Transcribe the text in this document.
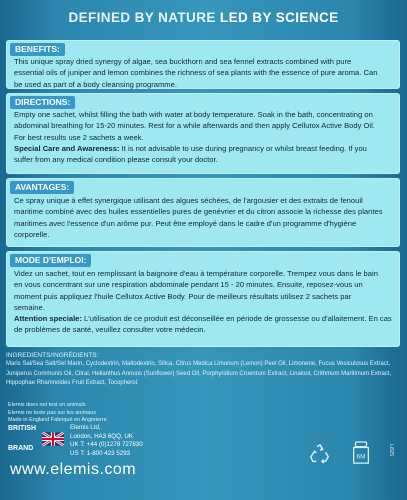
DEFINED BY NATURE LED BY SCIENCE
BENEFITS:
This unique spray dried synergy of algae, sea buckthorn and sea fennel extracts combined with pure
essential oils of juniper and lemon combines the richness of sea plants with the essence of pure aroma. Can
be used as part of a body cleansing programme.
DIRECTIONS:
Empty one sachet, whilst filling the bath with water at body temperature. Soak in the bath, concentrating on
abdominal breathing for 15-20 minutes. Rest for a while afterwards and then apply Cellutox Active Body Oil.
For best results use 2 sachets a week.
Special Care and Awareness: It is not advisable to use during pregnancy or whilst breast feeding. If you
suffer from any medical condition please consult your doctor.
AVANTAGES:
Ce spray unique à effet synergique utilisant des algues séchées, de l'argousier et des extraits de fenouil
maritime combiné avec des huiles essentielles pures de genévrier et du citron associe la richesse des plantes
maritimes avec l'essence d'un arôme pur. Peut être employé dans le cadre d'un programme d'hygiène
corporelle.
MODE D'EMPLOI:
Videz un sachet, tout en remplissant la baignoire d'eau à température corporelle. Trempez vous dans le bain
en vous concentrant sur une respiration abdominale pendant 15 - 20 minutes. Ensuite, reposez-vous un
moment puis appliquez l'huile Cellutox Active Body. Pour de meilleurs résultats utilisez 2 sachets par
semaine.
Attention speciale: L'utilisation de ce produit est déconseillée en période de grossesse ou d'allaitement. En cas
de problèmes de santé, veuillez consulter votre médecin.
INGREDIENTS/INGRÉDIENTS:
Maris Sal/Sea Salt/Sel Marin, Cyclodextrin, Maltodextrin, Silica, Citrus Medica Limonum (Lemon) Peel Oil, Limonene, Fucus Vesiculosus Extract,
Juniperus Communis Oil, Citral, Helianthus Annuus (Sunflower) Seed Oil, Porphyridium Cruentum Extract, Linalool, Crithmum Maritimum Extract,
Hippophae Rhamnoides Fruit Extract, Tocopherol.
Elemis does not test on animals
Elemis ne teste pas sur les animaux
Made in England Fabriqué en Angleterre
BRITISH
BRAND
Elemis Ltd,
London, HA3 6QQ, UK
UK T: +44 (0)1278 727830
US T: 1-800 423 5293
www.elemis.com
6M
L825
